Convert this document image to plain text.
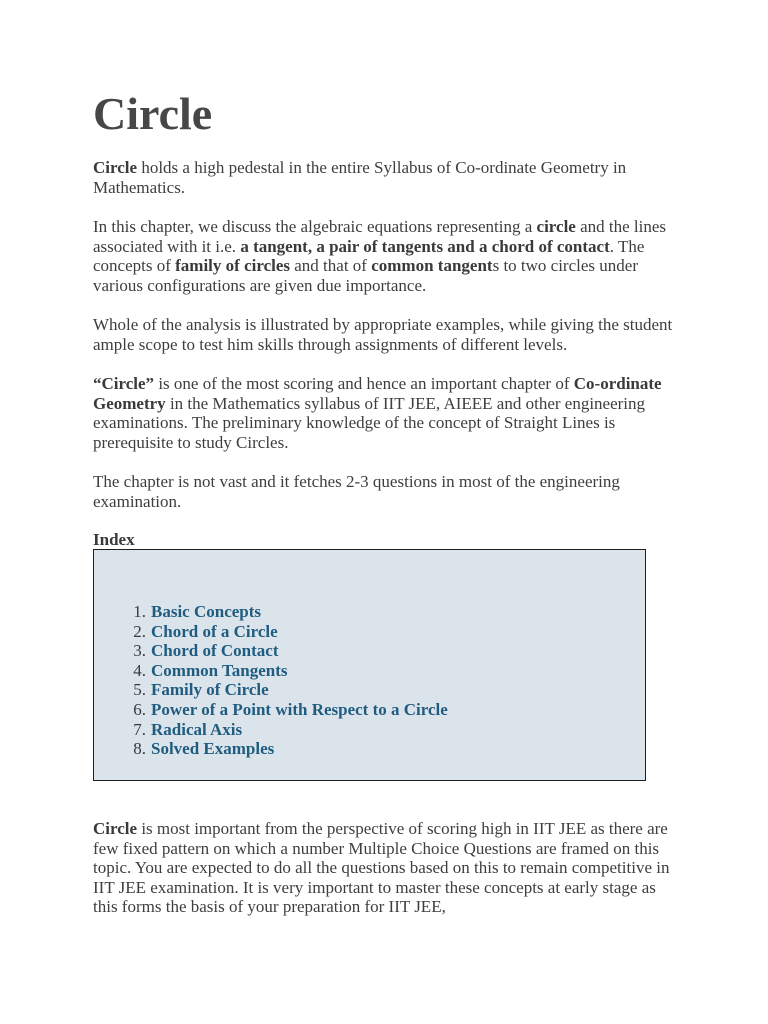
Circle

Circle holds a high pedestal in the entire Syllabus of Co-ordinate Geometry in Mathematics.

In this chapter, we discuss the algebraic equations representing a circle and the lines associated with it i.e. a tangent, a pair of tangents and a chord of contact. The concepts of family of circles and that of common tangents to two circles under various configurations are given due importance.

Whole of the analysis is illustrated by appropriate examples, while giving the student ample scope to test him skills through assignments of different levels.

“Circle” is one of the most scoring and hence an important chapter of Co-ordinate Geometry in the Mathematics syllabus of IIT JEE, AIEEE and other engineering examinations. The preliminary knowledge of the concept of Straight Lines is prerequisite to study Circles.

The chapter is not vast and it fetches 2-3 questions in most of the engineering examination.

Index

1. Basic Concepts
2. Chord of a Circle
3. Chord of Contact
4. Common Tangents
5. Family of Circle
6. Power of a Point with Respect to a Circle
7. Radical Axis
8. Solved Examples

Circle is most important from the perspective of scoring high in IIT JEE as there are few fixed pattern on which a number Multiple Choice Questions are framed on this topic. You are expected to do all the questions based on this to remain competitive in IIT JEE examination. It is very important to master these concepts at early stage as this forms the basis of your preparation for IIT JEE,
